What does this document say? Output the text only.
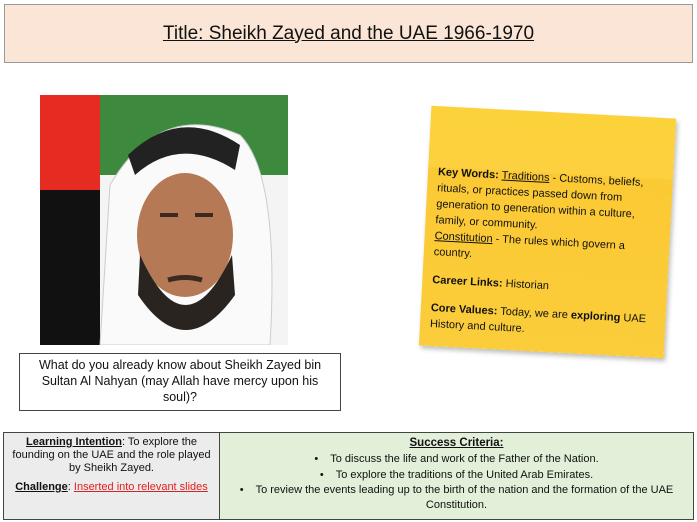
Title: Sheikh Zayed and the UAE 1966-1970
What do you already know about Sheikh Zayed bin Sultan Al Nahyan (may Allah have mercy upon his soul)?

Key Words: Traditions - Customs, beliefs, rituals, or practices passed down from generation to generation within a culture, family, or community.
Constitution - The rules which govern a country.

Career Links: Historian

Core Values: Today, we are exploring UAE History and culture.

Learning Intention: To explore the founding on the UAE and the role played by Sheikh Zayed.
Challenge: Inserted into relevant slides
Success Criteria:
• To discuss the life and work of the Father of the Nation.
• To explore the traditions of the United Arab Emirates.
• To review the events leading up to the birth of the nation and the formation of the UAE Constitution.
